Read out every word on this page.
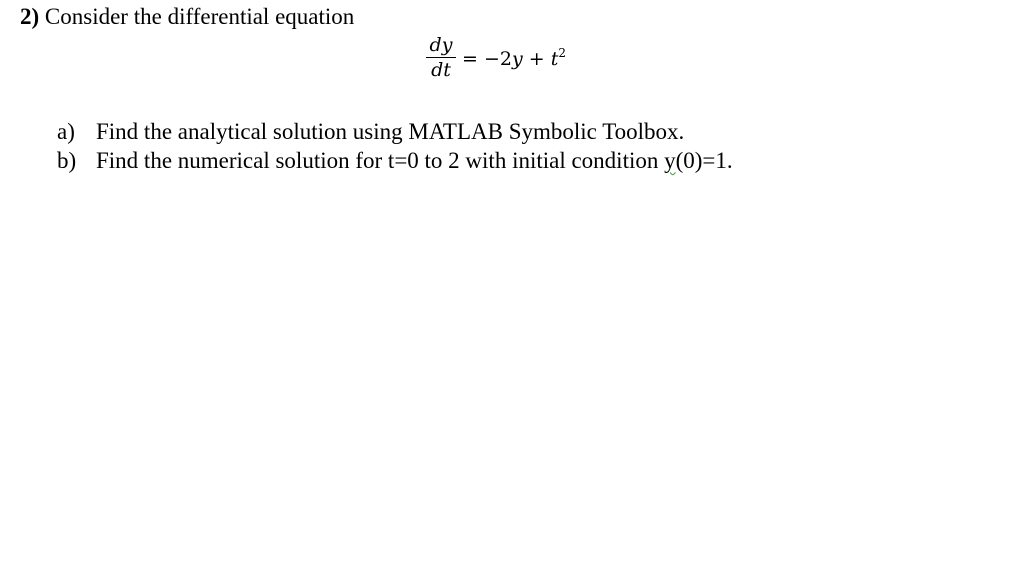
2) Consider the differential equation
$\frac{dy}{dt} = -2y + t^2$
a) Find the analytical solution using MATLAB Symbolic Toolbox.
b) Find the numerical solution for t=0 to 2 with initial condition y(0)=1.
